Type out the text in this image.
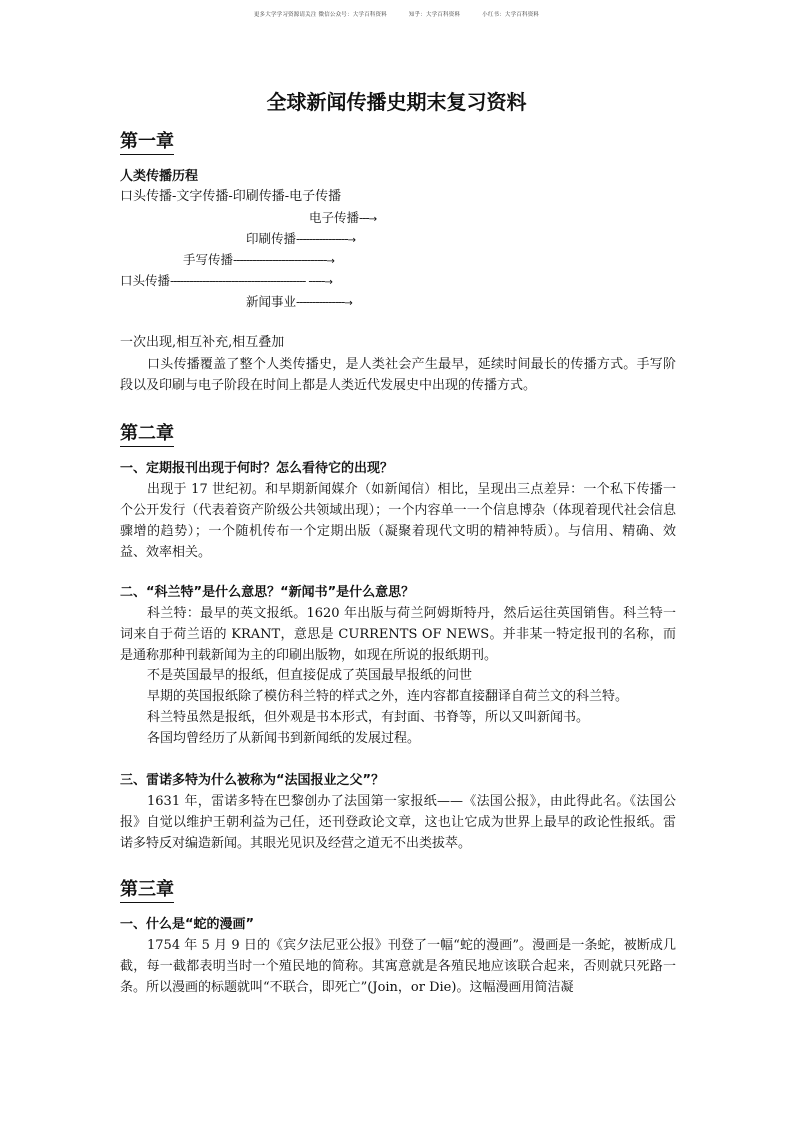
更多大学学习资源请关注 微信公众号：大学百科资料	知乎：大学百科资料	小红书：大学百科资料
全球新闻传播史期末复习资料
第一章
人类传播历程
口头传播-文字传播-印刷传播-电子传播
电子传播---→
印刷传播----------------→
手写传播-----------------------------→
口头传播------------------------------------------ -----→
新闻事业---------------→
一次出现,相互补充,相互叠加

口头传播覆盖了整个人类传播史，是人类社会产生最早，延续时间最长的传播方式。手写阶段以及印刷与电子阶段在时间上都是人类近代发展史中出现的传播方式。

第二章
一、定期报刊出现于何时？怎么看待它的出现？

出现于 17 世纪初。和早期新闻媒介（如新闻信）相比，呈现出三点差异：一个私下传播一个公开发行（代表着资产阶级公共领域出现）；一个内容单一一个信息博杂（体现着现代社会信息骤增的趋势）；一个随机传布一个定期出版（凝聚着现代文明的精神特质）。与信用、精确、效益、效率相关。

二、“科兰特”是什么意思？“新闻书”是什么意思？

科兰特：最早的英文报纸。1620 年出版与荷兰阿姆斯特丹，然后运往英国销售。科兰特一词来自于荷兰语的 KRANT，意思是 CURRENTS OF NEWS。并非某一特定报刊的名称，而是通称那种刊载新闻为主的印刷出版物，如现在所说的报纸期刊。

不是英国最早的报纸，但直接促成了英国最早报纸的问世
早期的英国报纸除了模仿科兰特的样式之外，连内容都直接翻译自荷兰文的科兰特。
科兰特虽然是报纸，但外观是书本形式，有封面、书脊等，所以又叫新闻书。
各国均曾经历了从新闻书到新闻纸的发展过程。
三、雷诺多特为什么被称为“法国报业之父”？

1631 年，雷诺多特在巴黎创办了法国第一家报纸——《法国公报》，由此得此名。《法国公报》自觉以维护王朝利益为己任，还刊登政论文章，这也让它成为世界上最早的政论性报纸。雷诺多特反对编造新闻。其眼光见识及经营之道无不出类拔萃。

第三章
一、什么是“蛇的漫画”

1754 年 5 月 9 日的《宾夕法尼亚公报》刊登了一幅“蛇的漫画”。漫画是一条蛇，被断成几截，每一截都表明当时一个殖民地的简称。其寓意就是各殖民地应该联合起来，否则就只死路一条。所以漫画的标题就叫“不联合，即死亡”(Join，or Die)。这幅漫画用简洁凝
